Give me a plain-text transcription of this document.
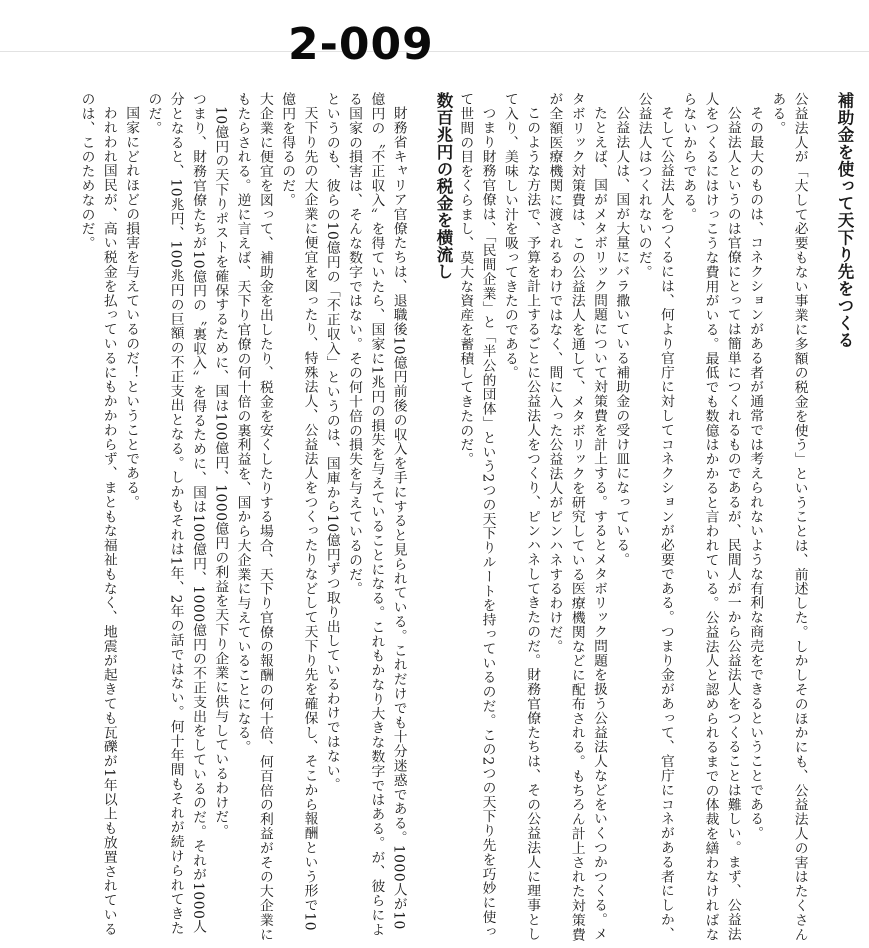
2-009

補助金を使って天下り先をつくる

公益法人が「大して必要もない事業に多額の税金を使う」ということは、前述した。しかしそのほかにも、公益法人の害はたくさんある。

その最大のものは、コネクションがある者が通常では考えられないような有利な商売をできるということである。

公益法人というのは官僚にとっては簡単につくれるものであるが、民間人が一から公益法人をつくることは難しい。まず、公益法人をつくるにはけっこうな費用がいる。最低でも数億はかかると言われている。公益法人と認められるまでの体裁を繕わなければならないからである。

そして公益法人をつくるには、何より官庁に対してコネクションが必要である。つまり金があって、官庁にコネがある者にしか、公益法人はつくれないのだ。

公益法人は、国が大量にバラ撒いている補助金の受け皿になっている。

たとえば、国がメタボリック問題について対策費を計上する。するとメタボリック問題を扱う公益法人などをいくつかつくる。メタボリック対策費は、この公益法人を通して、メタボリックを研究している医療機関などに配布される。もちろん計上された対策費が全額医療機関に渡されるわけではなく、間に入った公益法人がピンハネするわけだ。

このような方法で、予算を計上するごとに公益法人をつくり、ピンハネしてきたのだ。財務官僚たちは、その公益法人に理事として入り、美味しい汁を吸ってきたのである。

つまり財務官僚は、「民間企業」と「半公的団体」という2つの天下りルートを持っているのだ。この2つの天下り先を巧妙に使って世間の目をくらまし、莫大な資産を蓄積してきたのだ。

数百兆円の税金を横流し

財務省キャリア官僚たちは、退職後10億円前後の収入を手にすると見られている。これだけでも十分迷惑である。1000人が10億円の〝不正収入〟を得ていたら、国家に1兆円の損失を与えていることになる。これもかなり大きな数字ではある。が、彼らによる国家の損害は、そんな数字ではない。その何十倍の損失を与えているのだ。

というのも、彼らの10億円の「不正収入」というのは、国庫から10億円ずつ取り出しているわけではない。

天下り先の大企業に便宜を図ったり、特殊法人、公益法人をつくったりなどして天下り先を確保し、そこから報酬という形で10億円を得るのだ。

大企業に便宜を図って、補助金を出したり、税金を安くしたりする場合、天下り官僚の報酬の何十倍、何百倍の利益がその大企業にもたらされる。逆に言えば、天下り官僚の何十倍の裏利益を、国から大企業に与えていることになる。

10億円の天下りポストを確保するために、国は100億円、1000億円の利益を天下り企業に供与しているわけだ。

つまり、財務官僚たちが10億円の〝裏収入〟を得るために、国は100億円、1000億円の不正支出をしているのだ。それが1000人分となると、10兆円、100兆円の巨額の不正支出となる。しかもそれは1年、2年の話ではない。何十年間もそれが続けられてきたのだ。

国家にどれほどの損害を与えているのだ！ということである。

われわれ国民が、高い税金を払っているにもかかわらず、まともな福祉もなく、地震が起きても瓦礫が1年以上も放置されているのは、このためなのだ。
